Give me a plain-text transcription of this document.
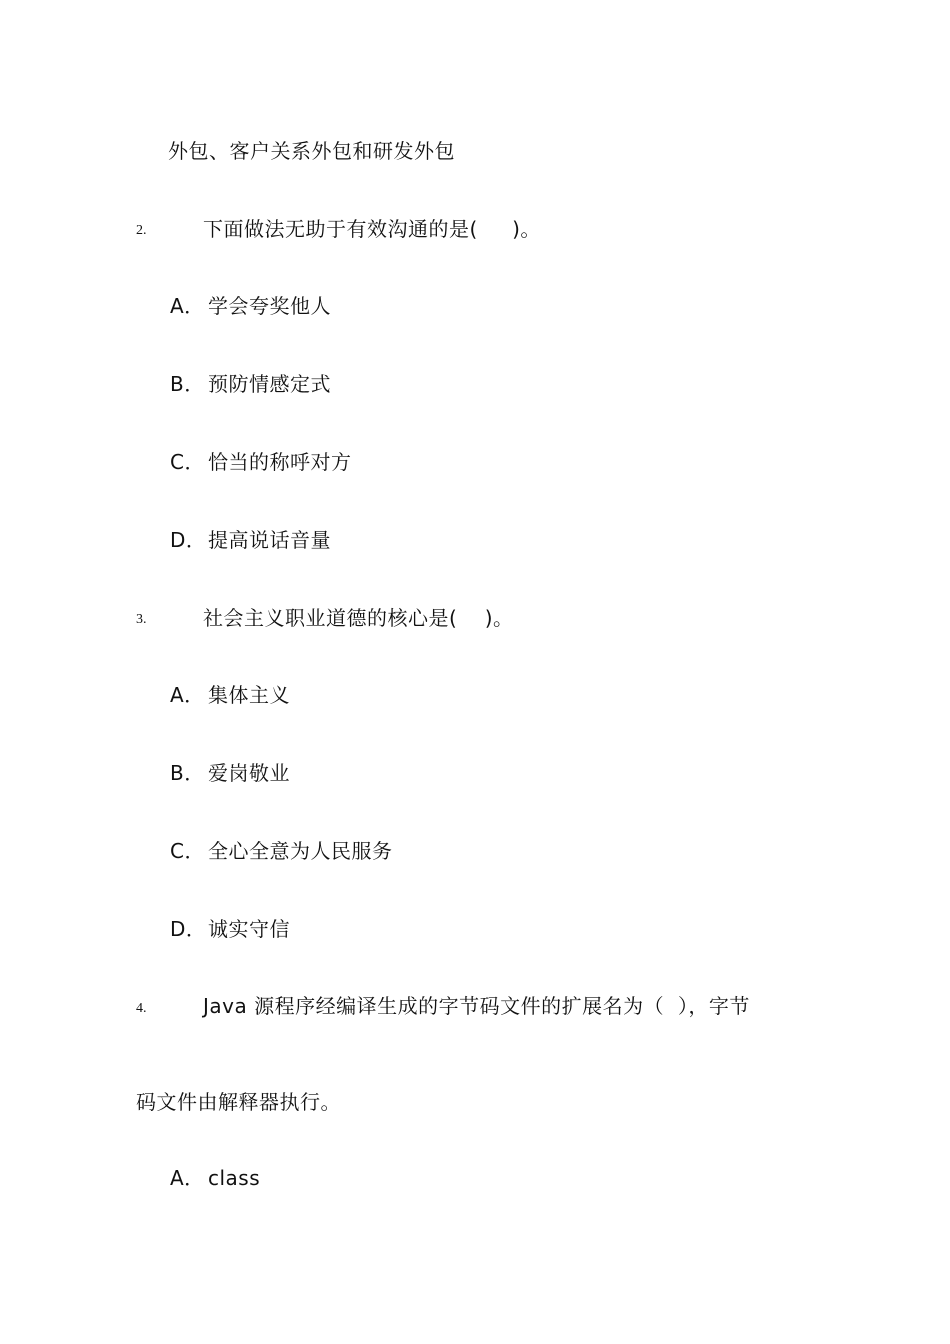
外包、客户关系外包和研发外包
2.	下面做法无助于有效沟通的是(     )。
A． 学会夸奖他人
B． 预防情感定式
C． 恰当的称呼对方
D．提高说话音量
3.	社会主义职业道德的核心是(    )。
A． 集体主义
B． 爱岗敬业
C． 全心全意为人民服务
D．诚实守信
4.	Java 源程序经编译生成的字节码文件的扩展名为（  ），字节
码文件由解释器执行。
A． class
